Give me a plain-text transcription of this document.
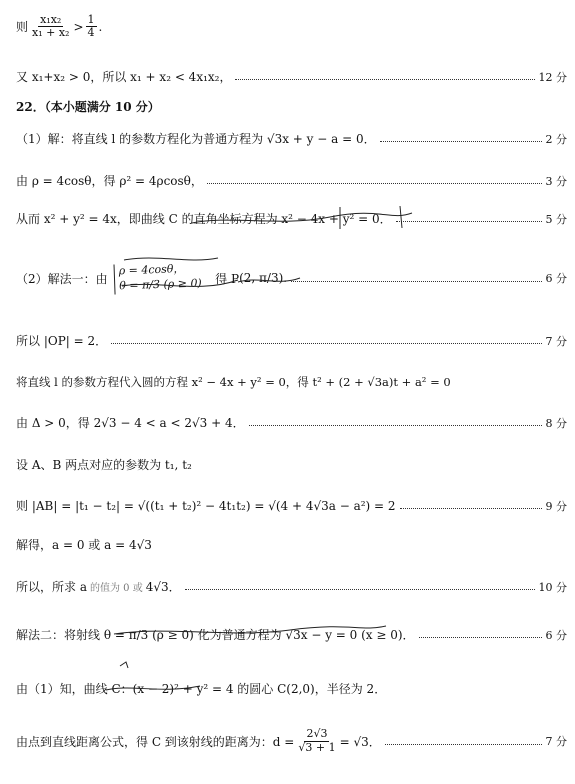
则 $\frac{\text{x₁x₂}}{\text{x₁ + x₂}} > \frac{1}{4}$ .
又 x₁+x₂ > 0，所以 x₁ + x₂ < 4x₁x₂，	12 分
22．（本小题满分 10 分）
（1）解：将直线 l 的参数方程化为普通方程为 √3x + y − a = 0．	2 分
由 ρ = 4cosθ，得 ρ² = 4ρcosθ，	3 分
从而 x² + y² = 4x，即曲线 C 的直角坐标方程为 x² − 4x + y² = 0．	5 分
（2）解法一：由
ρ = 4cosθ，
θ = π/3 (ρ ≥ 0) 得 P (2, π/3) .	6 分
所以 |OP| = 2．	7 分
将直线 l 的参数方程代入圆的方程 x² − 4x + y² = 0，得 t² + (2 + √3a)t + a² = 0
由 Δ > 0，得 2√3 − 4 < a < 2√3 + 4．	8 分
设 A、B 两点对应的参数为 t₁, t₂
则 |AB| = |t₁ − t₂| = √((t₁ + t₂)² − 4t₁t₂) = √(4 + 4√3a − a²) = 2	9 分
解得，a = 0 或 a = 4√3
所以，所求 a 的值为 0 或 4√3．	10 分
解法二：将射线 θ = π/3 (ρ ≥ 0) 化为普通方程为 √3x − y = 0 (x ≥ 0)．	6 分
由（1）知，曲线 C：(x − 2)² + y² = 4 的圆心 C(2,0)，半径为 2．
由点到直线距离公式，得 C 到该射线的距离为：$d = \frac{2√3}{√3 + 1} = √3$．	7 分
